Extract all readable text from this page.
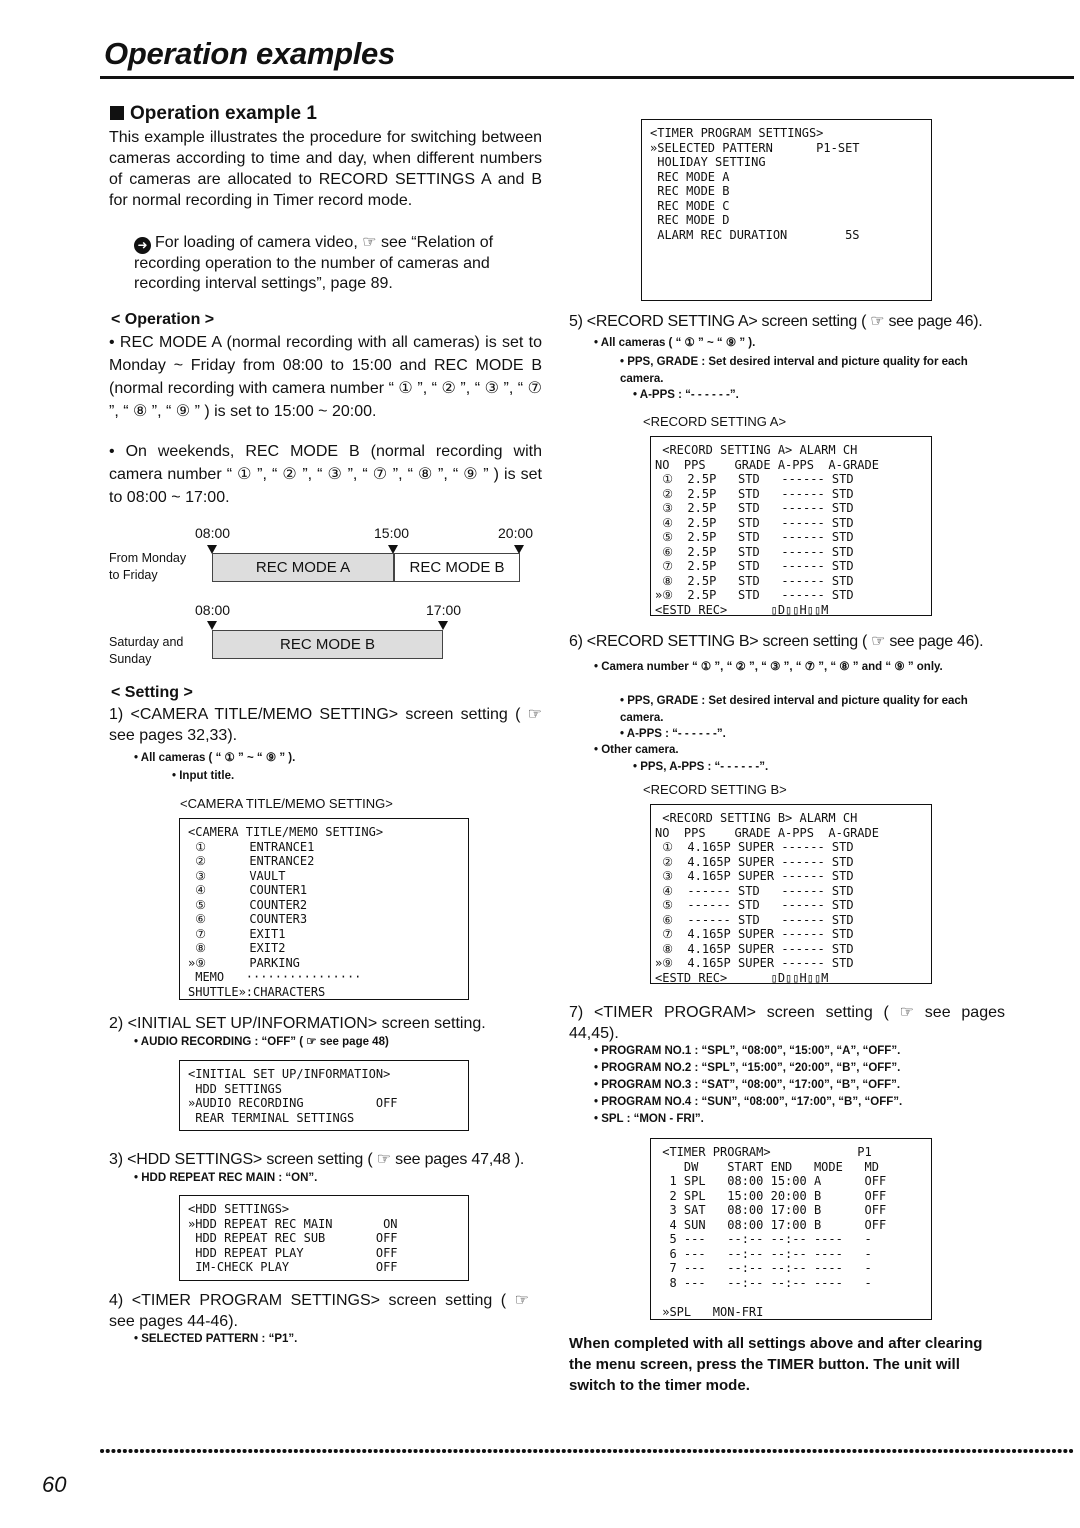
Operation examples
Operation example 1
This example illustrates the procedure for switching between cameras according to time and day, when different numbers of cameras are allocated to RECORD SETTINGS A and B for normal recording in Timer record mode.
➜ For loading of camera video, ☞ see “Relation of recording operation to the number of cameras and recording interval settings”, page 89.
< Operation >
• REC MODE A (normal recording with all cameras) is set to Monday ~ Friday from 08:00 to 15:00 and REC MODE B (normal recording with camera number “ ① ”, “ ② ”, “ ③ ”, “ ⑦ ”, “ ⑧ ”, “ ⑨ ” ) is set to 15:00 ~ 20:00.
• On weekends, REC MODE B (normal recording with camera number “ ① ”, “ ② ”, “ ③ ”, “ ⑦ ”, “ ⑧ ”, “ ⑨ ” ) is set to 08:00 ~ 17:00.
08:00	15:00	20:00
From Monday
to Friday	REC MODE A	REC MODE B
08:00	17:00
Saturday and
Sunday
REC MODE B
< Setting >
1) <CAMERA TITLE/MEMO SETTING> screen setting ( ☞ see pages 32,33).
• All cameras ( “ ① ” ~ “ ⑨ ” ).
• Input title.
<CAMERA TITLE/MEMO SETTING>
<CAMERA TITLE/MEMO SETTING>
①      ENTRANCE1
②      ENTRANCE2
③      VAULT
④      COUNTER1
⑤      COUNTER2
⑥      COUNTER3
⑦      EXIT1
⑧      EXIT2
»⑨      PARKING
MEMO   ················
SHUTTLE»:CHARACTERS
2) <INITIAL SET UP/INFORMATION> screen setting.
• AUDIO RECORDING : “OFF” ( ☞ see page 48)
<INITIAL SET UP/INFORMATION>
HDD SETTINGS
»AUDIO RECORDING          OFF
REAR TERMINAL SETTINGS
3) <HDD SETTINGS> screen setting ( ☞ see pages 47,48 ).
• HDD REPEAT REC MAIN : “ON”.
<HDD SETTINGS>
»HDD REPEAT REC MAIN       ON
HDD REPEAT REC SUB       OFF
HDD REPEAT PLAY          OFF
IM-CHECK PLAY            OFF
4) <TIMER PROGRAM SETTINGS> screen setting ( ☞ see pages 44-46).
• SELECTED PATTERN : “P1”.
<TIMER PROGRAM SETTINGS>
»SELECTED PATTERN      P1-SET
HOLIDAY SETTING
REC MODE A
REC MODE B
REC MODE C
REC MODE D
ALARM REC DURATION        5S
5) <RECORD SETTING A> screen setting ( ☞ see page 46).
• All cameras ( “ ① ” ~ “ ⑨ ” ).
• PPS, GRADE : Set desired interval and picture quality for each camera.
• A-PPS : “- - - - - -”.
<RECORD SETTING A>
<RECORD SETTING A> ALARM CH
NO  PPS    GRADE A-PPS  A-GRADE
①  2.5P   STD   ------ STD
②  2.5P   STD   ------ STD
③  2.5P   STD   ------ STD
④  2.5P   STD   ------ STD
⑤  2.5P   STD   ------ STD
⑥  2.5P   STD   ------ STD
⑦  2.5P   STD   ------ STD
⑧  2.5P   STD   ------ STD
»⑨  2.5P   STD   ------ STD
<ESTD REC>      ▯D▯▯H▯▯M
6) <RECORD SETTING B> screen setting ( ☞ see page 46).
• Camera number “ ① ”, “ ② ”, “ ③ ”, “ ⑦ ”, “ ⑧ ” and “ ⑨ ” only.
• PPS, GRADE : Set desired interval and picture quality for each camera.
• A-PPS : “- - - - - -”.
• Other camera.
• PPS, A-PPS : “- - - - - -”.
<RECORD SETTING B>
<RECORD SETTING B> ALARM CH
NO  PPS    GRADE A-PPS  A-GRADE
①  4.165P SUPER ------ STD
②  4.165P SUPER ------ STD
③  4.165P SUPER ------ STD
④  ------ STD   ------ STD
⑤  ------ STD   ------ STD
⑥  ------ STD   ------ STD
⑦  4.165P SUPER ------ STD
⑧  4.165P SUPER ------ STD
»⑨  4.165P SUPER ------ STD
<ESTD REC>      ▯D▯▯H▯▯M
7) <TIMER PROGRAM> screen setting ( ☞ see pages 44,45).
• PROGRAM NO.1 : “SPL”, “08:00”, “15:00”, “A”, “OFF”.
• PROGRAM NO.2 : “SPL”, “15:00”, “20:00”, “B”, “OFF”.
• PROGRAM NO.3 : “SAT”, “08:00”, “17:00”, “B”, “OFF”.
• PROGRAM NO.4 : “SUN”, “08:00”, “17:00”, “B”, “OFF”.
• SPL : “MON - FRI”.
<TIMER PROGRAM>            P1
DW    START END   MODE   MD
1 SPL   08:00 15:00 A      OFF
2 SPL   15:00 20:00 B      OFF
3 SAT   08:00 17:00 B      OFF
4 SUN   08:00 17:00 B      OFF
5 ---   --:-- --:-- ----   -
6 ---   --:-- --:-- ----   -
7 ---   --:-- --:-- ----   -
8 ---   --:-- --:-- ----   -
»SPL   MON-FRI
When completed with all settings above and after clearing the menu screen, press the TIMER button. The unit will switch to the timer mode.
60
